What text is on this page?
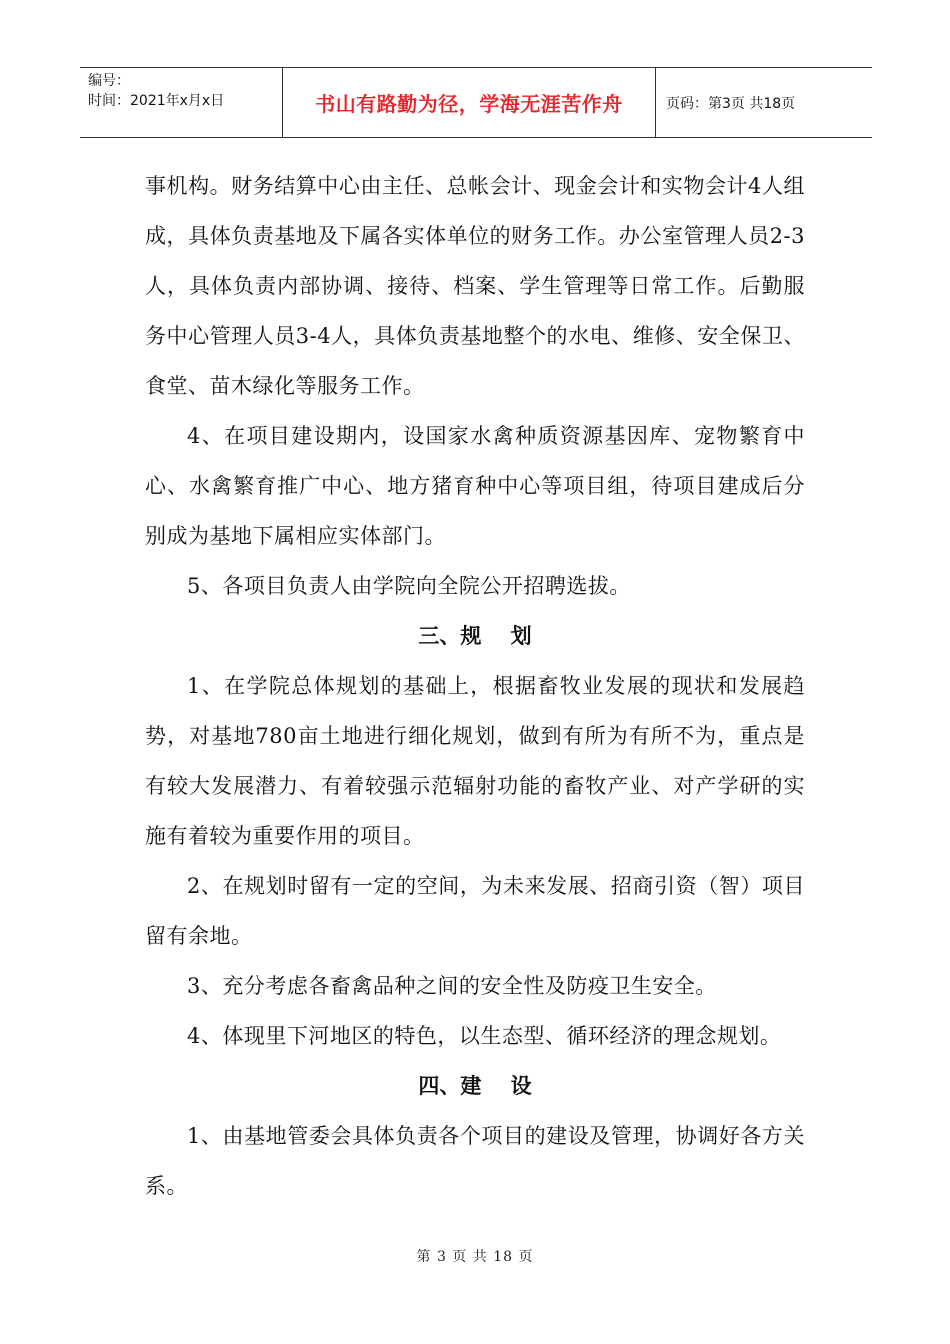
编号：
时间：2021年x月x日	书山有路勤为径，学海无涯苦作舟	页码：第3页 共18页

事机构。财务结算中心由主任、总帐会计、现金会计和实物会计4人组成，具体负责基地及下属各实体单位的财务工作。办公室管理人员2-3人，具体负责内部协调、接待、档案、学生管理等日常工作。后勤服务中心管理人员3-4人，具体负责基地整个的水电、维修、安全保卫、食堂、苗木绿化等服务工作。

4、在项目建设期内，设国家水禽种质资源基因库、宠物繁育中心、水禽繁育推广中心、地方猪育种中心等项目组，待项目建成后分别成为基地下属相应实体部门。

5、各项目负责人由学院向全院公开招聘选拔。

三、规    划

1、在学院总体规划的基础上，根据畜牧业发展的现状和发展趋势，对基地780亩土地进行细化规划，做到有所为有所不为，重点是有较大发展潜力、有着较强示范辐射功能的畜牧产业、对产学研的实施有着较为重要作用的项目。

2、在规划时留有一定的空间，为未来发展、招商引资（智）项目留有余地。

3、充分考虑各畜禽品种之间的安全性及防疫卫生安全。

4、体现里下河地区的特色，以生态型、循环经济的理念规划。

四、建    设

1、由基地管委会具体负责各个项目的建设及管理，协调好各方关系。

第 3 页 共 18 页
